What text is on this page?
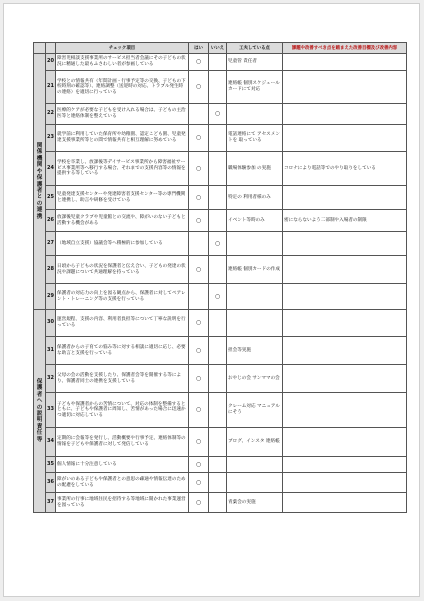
		チェック項目	はい	いいえ	工夫している点	課題や改善すべき点を踏まえた改善目標及び改善内容
関係機関や保護者との連携	20	障害児相談支援事業所のサービス担当者会議にその子どもの状況に精通した最もふさわしい者が参画している	○		児童管 責任者	
	21	学校との情報共有（年間計画・行事予定等の交換、子どもの下校時刻の確認等）、連絡調整（送迎時の対応、トラブル発生時の連絡）を適切に行っている	○		連絡帳 個別スケジュールカードにて対応	
	22	医療的ケアが必要な子どもを受け入れる場合は、子どもの主治医等と連絡体制を整えている		○		
	23	就学前に利用していた保育所や幼稚園、認定こども園、児童発達支援事業所等との間で情報共有と相互理解に努めている	○		電話連絡にて アセスメントを 取っている	
	24	学校を卒業し、放課後等デイサービス事業所から障害福祉サービス事業所等へ移行する場合、それまでの支援内容等の情報を提供する等している	○		職場体験参加 の実施	コロナにより電話等でのやり取りをしている
	25	児童発達支援センターや発達障害者支援センター等の専門機関と連携し、助言や研修を受けている	○		特定の 利用者様のみ	
	26	放課後児童クラブや児童館との交流や、障がいのない子どもと活動する機会がある	○		イベント等時のみ	密にならないよう二部制や入場者の制限
	27	（地域自立支援）協議会等へ積極的に参加している		○		
	28	日頃から子どもの状況を保護者と伝え合い、子どもの発達の状況や課題について共通理解を持っている	○		連絡帳 個別カードの作成	
	29	保護者の対応力の向上を図る観点から、保護者に対してペアレント・トレーニング等の支援を行っている		○		
保護者への説明責任等	30	運営規程、支援の内容、利用者負担等について丁寧な説明を行っている	○			
	31	保護者からの子育ての悩み等に対する相談に適切に応じ、必要な助言と支援を行っている	○		担会等実施	
	32	父母の会の活動を支援したり、保護者会等を開催する等により、保護者同士の連携を支援している	○		おやじの会 サンママの会	
	33	子どもや保護者からの苦情について、対応の体制を整備するとともに、子どもや保護者に周知し、苦情があった場合に迅速かつ適切に対応している	○		クレーム対応 マニュアルにそう	
	34	定期的に会報等を発行し、活動概要や行事予定、連絡体制等の情報を子どもや保護者に対して発信している	○		ブログ、インスタ 連絡帳	
	35	個人情報に十分注意している	○			
	36	障がいのある子どもや保護者との意思の疎通や情報伝達のための配慮をしている	○			
	37	事業所の行事に地域住民を招待する等地域に開かれた事業運営を図っている	○		青葉会の実施	
